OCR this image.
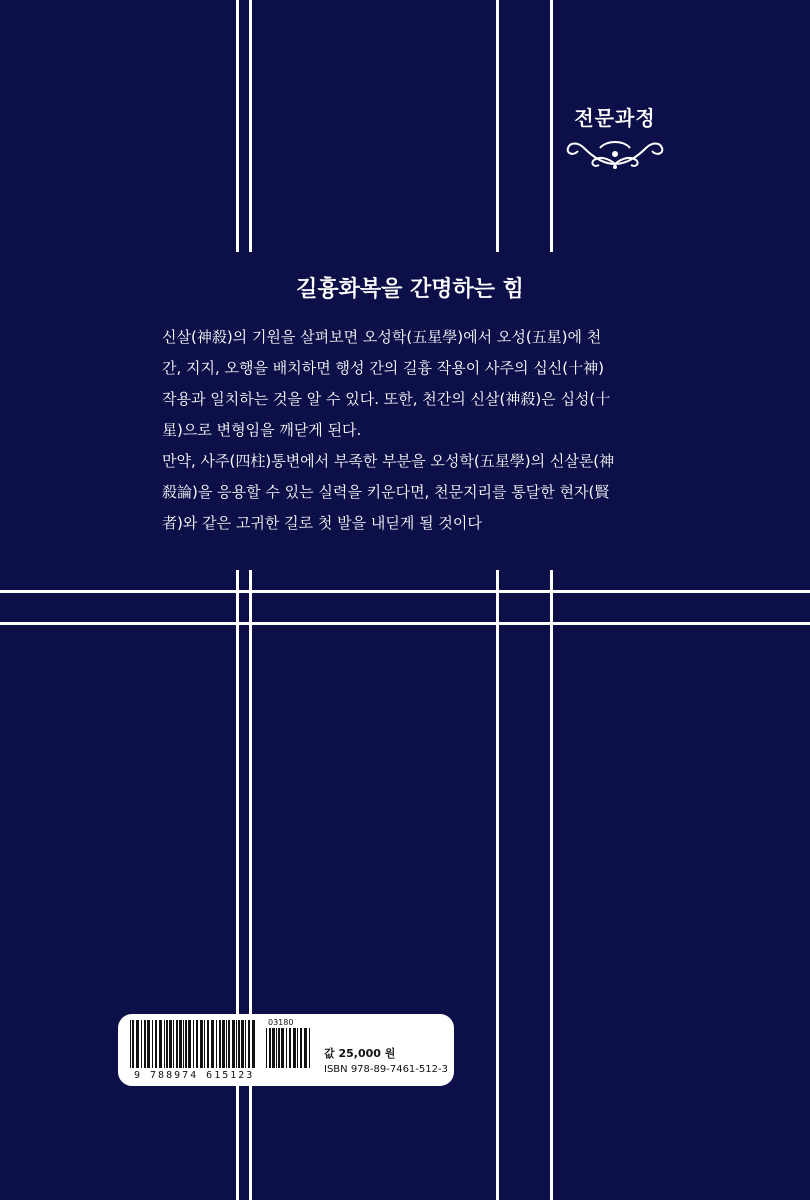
전문과정
길흉화복을 간명하는 힘
신살(神殺)의 기원을 살펴보면 오성학(五星學)에서 오성(五星)에 천
간, 지지, 오행을 배치하면 행성 간의 길흉 작용이 사주의 십신(十神)
작용과 일치하는 것을 알 수 있다. 또한, 천간의 신살(神殺)은 십성(十
星)으로 변형임을 깨닫게 된다.
만약, 사주(四柱)통변에서 부족한 부분을 오성학(五星學)의 신살론(神
殺論)을 응용할 수 있는 실력을 키운다면, 천문지리를 통달한 현자(賢
者)와 같은 고귀한 길로 첫 발을 내딛게 될 것이다
03180
9 788974 615123
값 25,000 원
ISBN 978-89-7461-512-3
